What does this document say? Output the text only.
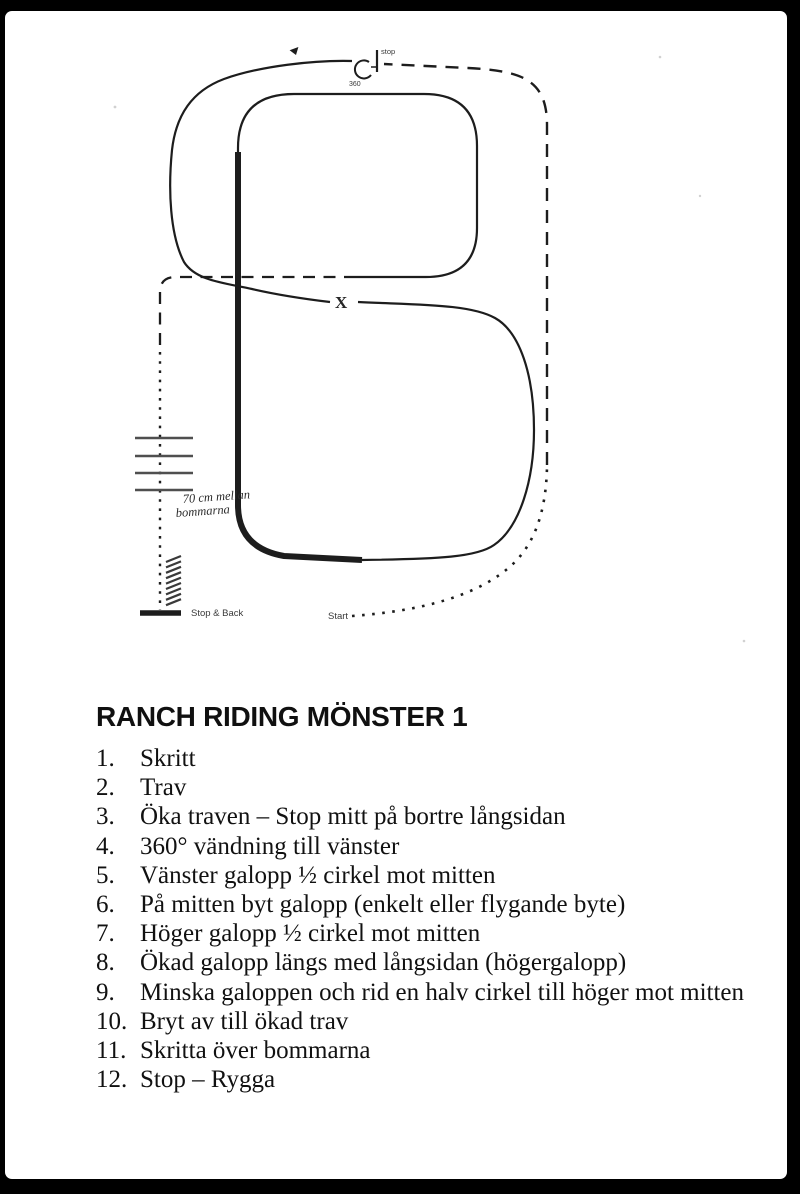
stop
360
X
70 cm mellan
bommarna
Stop & Back	Start
RANCH RIDING MÖNSTER 1
1.	Skritt
2.	Trav
3.	Öka traven – Stop mitt på bortre långsidan
4.	360° vändning till vänster
5.	Vänster galopp ½ cirkel mot mitten
6.	På mitten byt galopp (enkelt eller flygande byte)
7.	Höger galopp ½ cirkel mot mitten
8.	Ökad galopp längs med långsidan (högergalopp)
9.	Minska galoppen och rid en halv cirkel till höger mot mitten
10. Bryt av till ökad trav
11. Skritta över bommarna
12. Stop – Rygga
